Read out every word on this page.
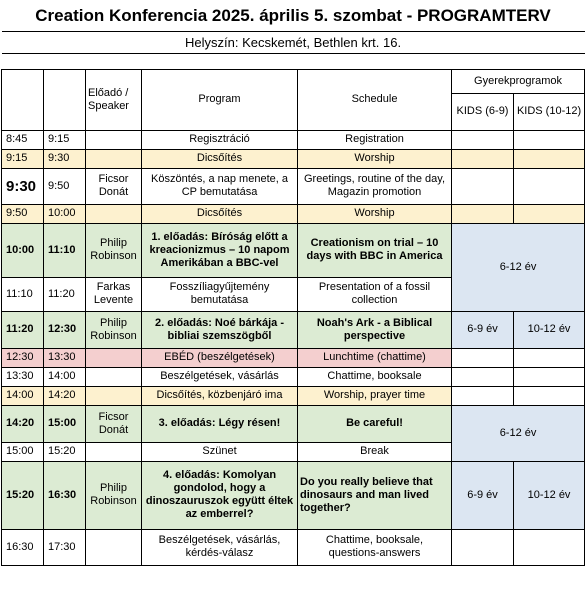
Creation Konferencia 2025. április 5. szombat - PROGRAMTERV						
Helyszín: Kecskemét, Bethlen krt. 16.						

		Előadó / Speaker	Program	Schedule	Gyerekprogramok	
					KIDS (6-9)	KIDS (10-12)
8:45	9:15		Regisztráció	Registration		
9:15	9:30		Dicsőítés	Worship		
9:30	9:50	Ficsor Donát	Köszöntés, a nap menete, a CP bemutatása	Greetings, routine of the day, Magazin promotion		
9:50	10:00		Dicsőítés	Worship		
10:00	11:10	Philip Robinson	1. előadás: Bíróság előtt a kreacionizmus – 10 napom Amerikában a BBC-vel	Creationism on trial – 10 days with BBC in America	6-12 év	
11:10	11:20	Farkas Levente	Fosszíliagyűjtemény bemutatása	Presentation of a fossil collection		
11:20	12:30	Philip Robinson	2. előadás: Noé bárkája - bibliai szemszögből	Noah's Ark - a Biblical perspective	6-9 év	10-12 év
12:30	13:30		EBÉD (beszélgetések)	Lunchtime (chattime)		
13:30	14:00		Beszélgetések, vásárlás	Chattime, booksale		
14:00	14:20		Dicsőítés, közbenjáró ima	Worship, prayer time		
14:20	15:00	Ficsor Donát	3. előadás: Légy résen!	Be careful!	6-12 év	
15:00	15:20		Szünet	Break		
15:20	16:30	Philip Robinson	4. előadás: Komolyan gondolod, hogy a dinoszauruszok együtt éltek az emberrel?	Do you really believe that dinosaurs and man lived together?	6-9 év	10-12 év
16:30	17:30		Beszélgetések, vásárlás, kérdés-válasz	Chattime, booksale, questions-answers		
